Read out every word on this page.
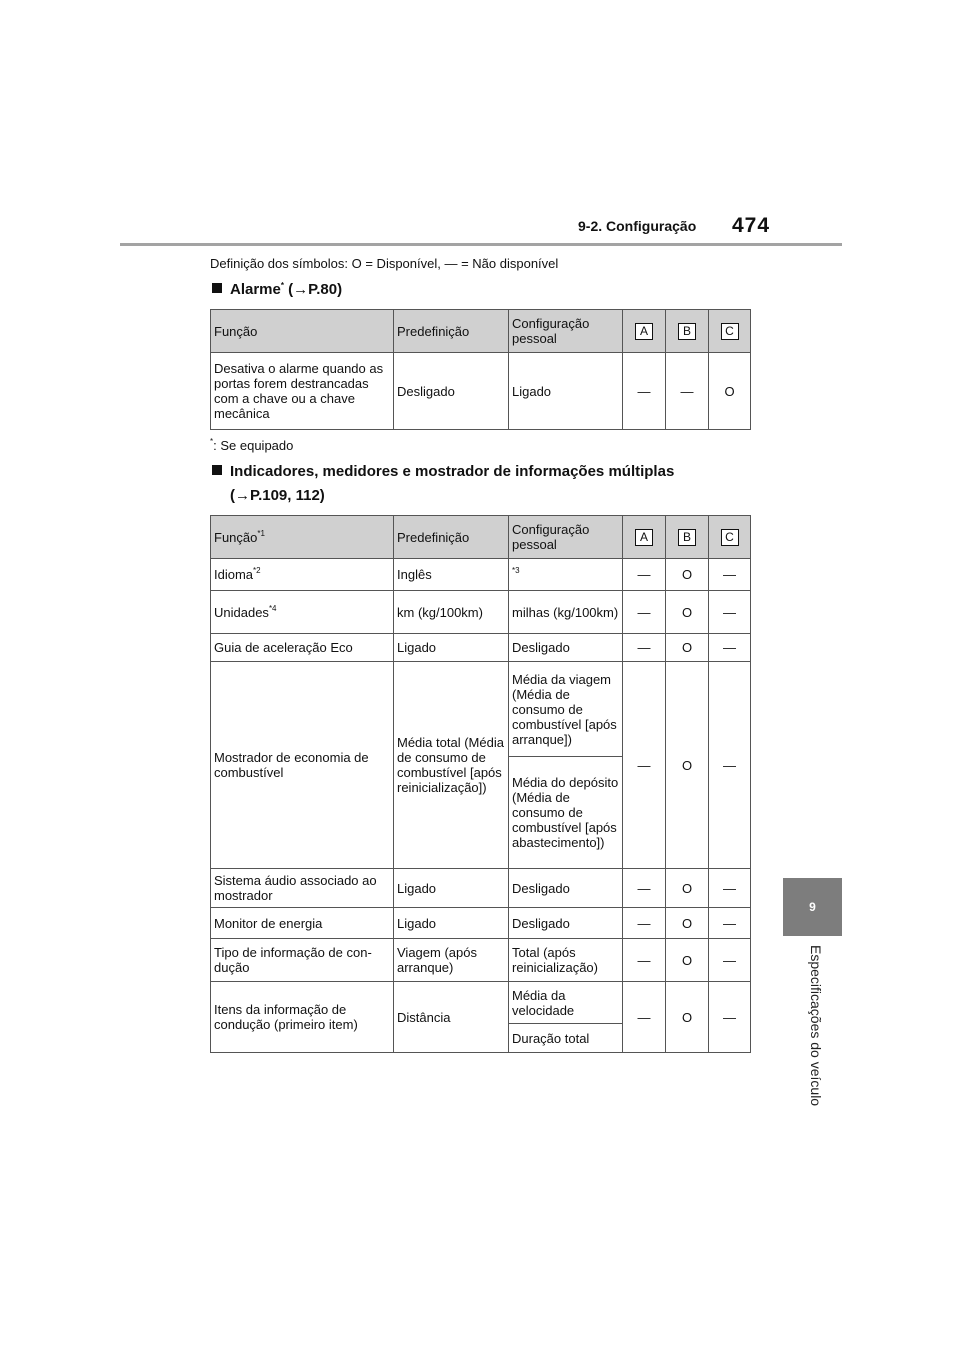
9-2. Configuração 474
9
Especificações do veículo
Definição dos símbolos: O = Disponível, — = Não disponível
Alarme* (→P.80)
Função	Predefinição	Configuração pessoal	A	B	C
Desativa o alarme quando as portas forem destrancadas com a chave ou a chave mecânica	Desligado	Ligado	—	—	O
*: Se equipado
Indicadores, medidores e mostrador de informações múltiplas
(→P.109, 112)
Função$^{*1}$	Predefinição	Configuração pessoal	A	B	C
Idioma$^{*2}$	Inglês	$^{*3}$	—	O	—
Unidades$^{*4}$	km (kg/100km)	milhas (kg/100km)	—	O	—
Guia de aceleração Eco	Ligado	Desligado	—	O	—
Mostrador de economia de combustível	Média total (Média de consumo de combustível [após reinicialização])	Média da viagem (Média de consumo de combustível [após arranque])	—	O	—
		Média do depósito (Média de consumo de combustível [após abastecimento])			
Sistema áudio associado ao mostrador	Ligado	Desligado	—	O	—
Monitor de energia	Ligado	Desligado	—	O	—
Tipo de informação de con-dução	Viagem (após arranque)	Total (após reinicialização)	—	O	—
Itens da informação de condução (primeiro item)	Distância	Média da velocidade	—	O	—
		Duração total			
